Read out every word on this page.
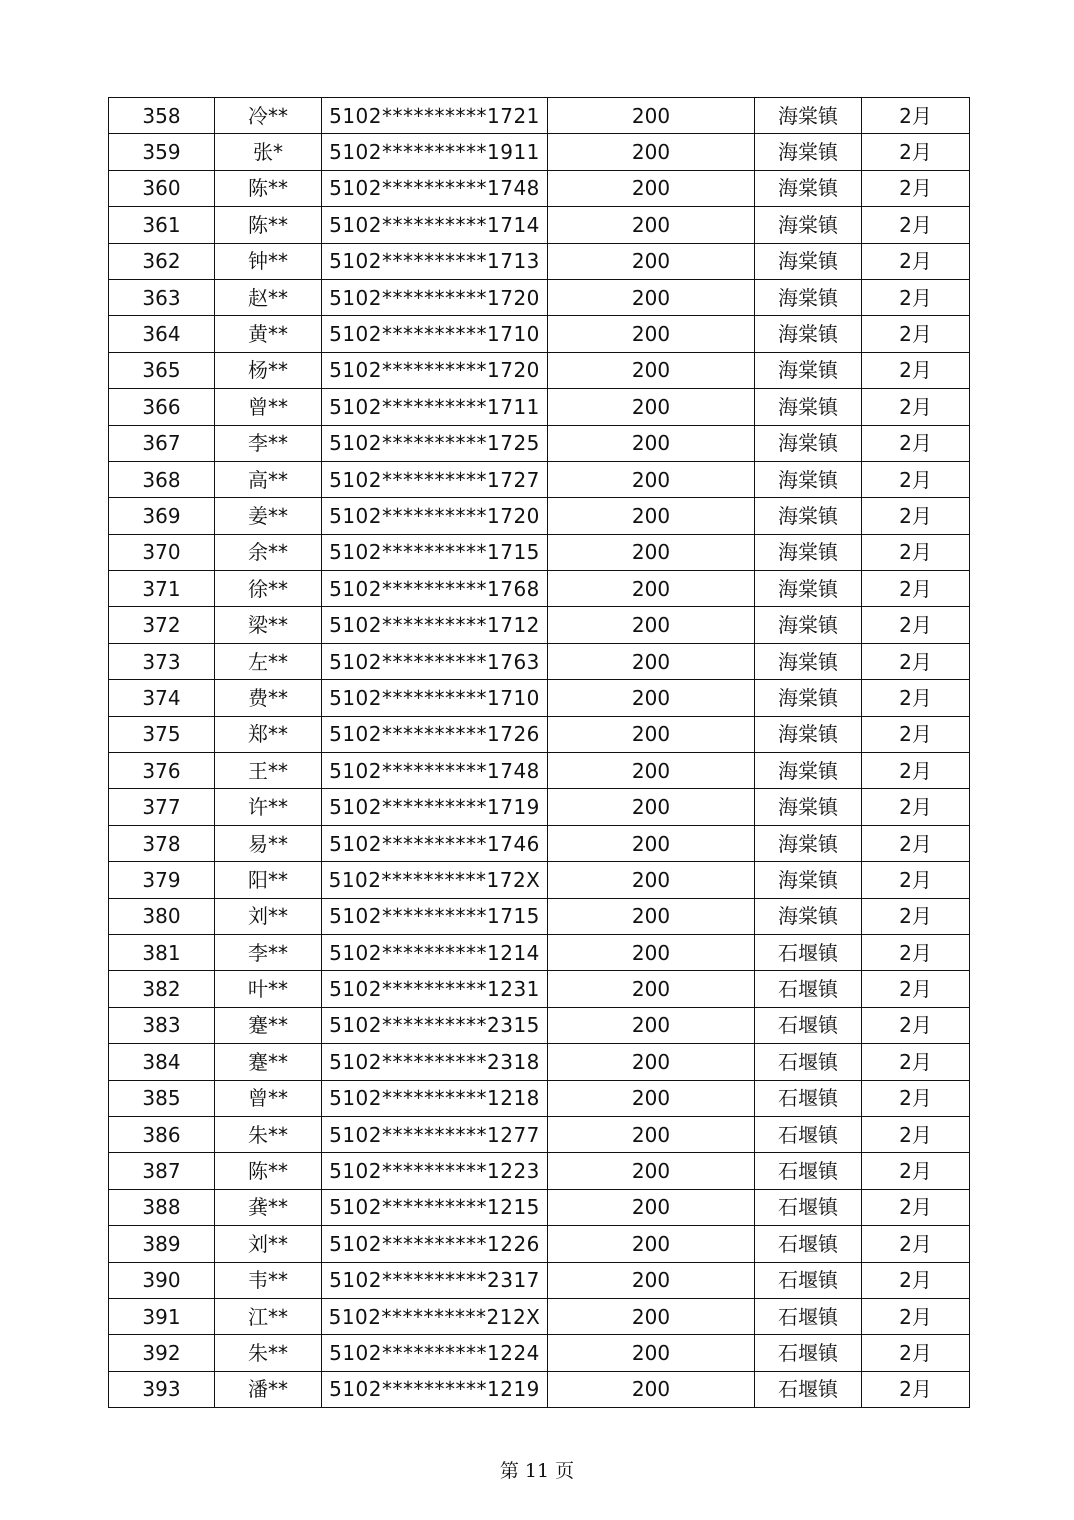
358	冷**	5102**********1721	200	海棠镇	2月
359	张*	5102**********1911	200	海棠镇	2月
360	陈**	5102**********1748	200	海棠镇	2月
361	陈**	5102**********1714	200	海棠镇	2月
362	钟**	5102**********1713	200	海棠镇	2月
363	赵**	5102**********1720	200	海棠镇	2月
364	黄**	5102**********1710	200	海棠镇	2月
365	杨**	5102**********1720	200	海棠镇	2月
366	曾**	5102**********1711	200	海棠镇	2月
367	李**	5102**********1725	200	海棠镇	2月
368	高**	5102**********1727	200	海棠镇	2月
369	姜**	5102**********1720	200	海棠镇	2月
370	余**	5102**********1715	200	海棠镇	2月
371	徐**	5102**********1768	200	海棠镇	2月
372	梁**	5102**********1712	200	海棠镇	2月
373	左**	5102**********1763	200	海棠镇	2月
374	费**	5102**********1710	200	海棠镇	2月
375	郑**	5102**********1726	200	海棠镇	2月
376	王**	5102**********1748	200	海棠镇	2月
377	许**	5102**********1719	200	海棠镇	2月
378	易**	5102**********1746	200	海棠镇	2月
379	阳**	5102**********172X	200	海棠镇	2月
380	刘**	5102**********1715	200	海棠镇	2月
381	李**	5102**********1214	200	石堰镇	2月
382	叶**	5102**********1231	200	石堰镇	2月
383	蹇**	5102**********2315	200	石堰镇	2月
384	蹇**	5102**********2318	200	石堰镇	2月
385	曾**	5102**********1218	200	石堰镇	2月
386	朱**	5102**********1277	200	石堰镇	2月
387	陈**	5102**********1223	200	石堰镇	2月
388	龚**	5102**********1215	200	石堰镇	2月
389	刘**	5102**********1226	200	石堰镇	2月
390	韦**	5102**********2317	200	石堰镇	2月
391	江**	5102**********212X	200	石堰镇	2月
392	朱**	5102**********1224	200	石堰镇	2月
393	潘**	5102**********1219	200	石堰镇	2月
第 11 页
